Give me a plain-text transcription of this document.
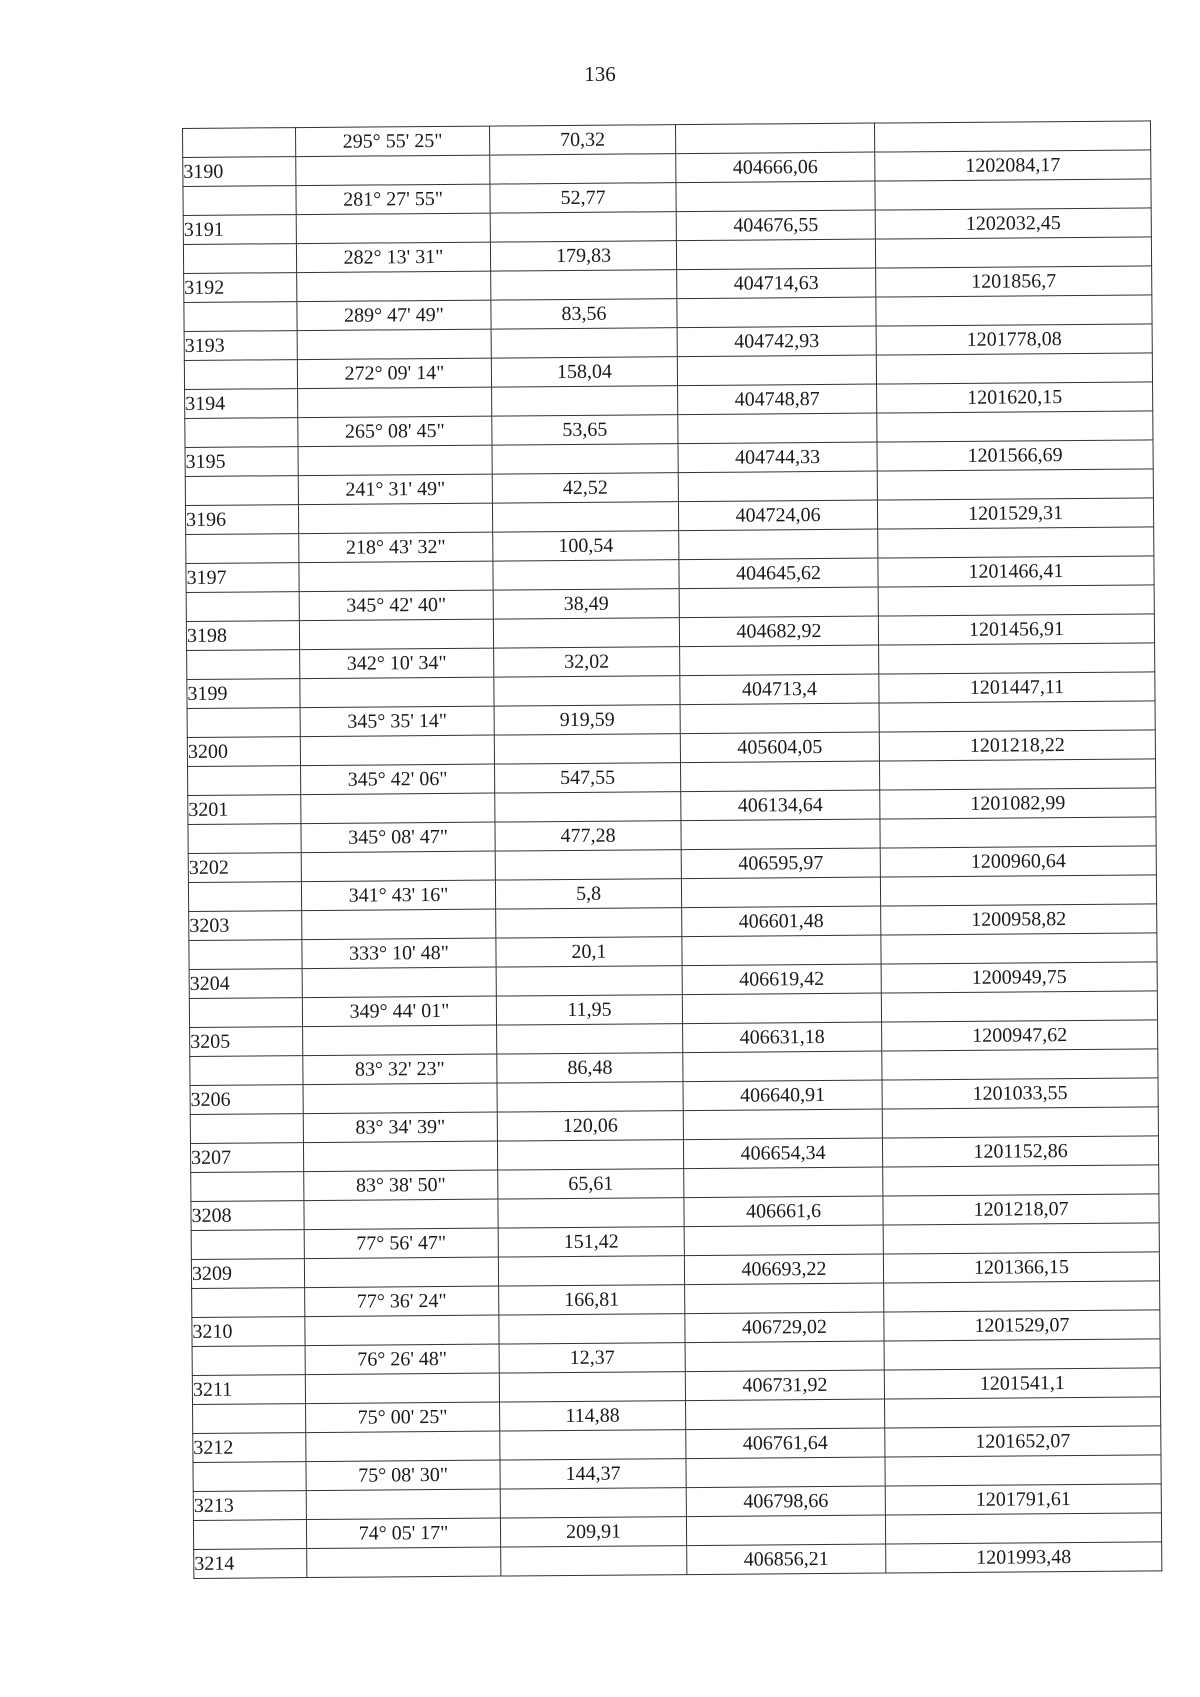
136
	295° 55' 25"	70,32		
3190			404666,06	1202084,17
	281° 27' 55"	52,77		
3191			404676,55	1202032,45
	282° 13' 31"	179,83		
3192			404714,63	1201856,7
	289° 47' 49"	83,56		
3193			404742,93	1201778,08
	272° 09' 14"	158,04		
3194			404748,87	1201620,15
	265° 08' 45"	53,65		
3195			404744,33	1201566,69
	241° 31' 49"	42,52		
3196			404724,06	1201529,31
	218° 43' 32"	100,54		
3197			404645,62	1201466,41
	345° 42' 40"	38,49		
3198			404682,92	1201456,91
	342° 10' 34"	32,02		
3199			404713,4	1201447,11
	345° 35' 14"	919,59		
3200			405604,05	1201218,22
	345° 42' 06"	547,55		
3201			406134,64	1201082,99
	345° 08' 47"	477,28		
3202			406595,97	1200960,64
	341° 43' 16"	5,8		
3203			406601,48	1200958,82
	333° 10' 48"	20,1		
3204			406619,42	1200949,75
	349° 44' 01"	11,95		
3205			406631,18	1200947,62
	83° 32' 23"	86,48		
3206			406640,91	1201033,55
	83° 34' 39"	120,06		
3207			406654,34	1201152,86
	83° 38' 50"	65,61		
3208			406661,6	1201218,07
	77° 56' 47"	151,42		
3209			406693,22	1201366,15
	77° 36' 24"	166,81		
3210			406729,02	1201529,07
	76° 26' 48"	12,37		
3211			406731,92	1201541,1
	75° 00' 25"	114,88		
3212			406761,64	1201652,07
	75° 08' 30"	144,37		
3213			406798,66	1201791,61
	74° 05' 17"	209,91		
3214			406856,21	1201993,48
